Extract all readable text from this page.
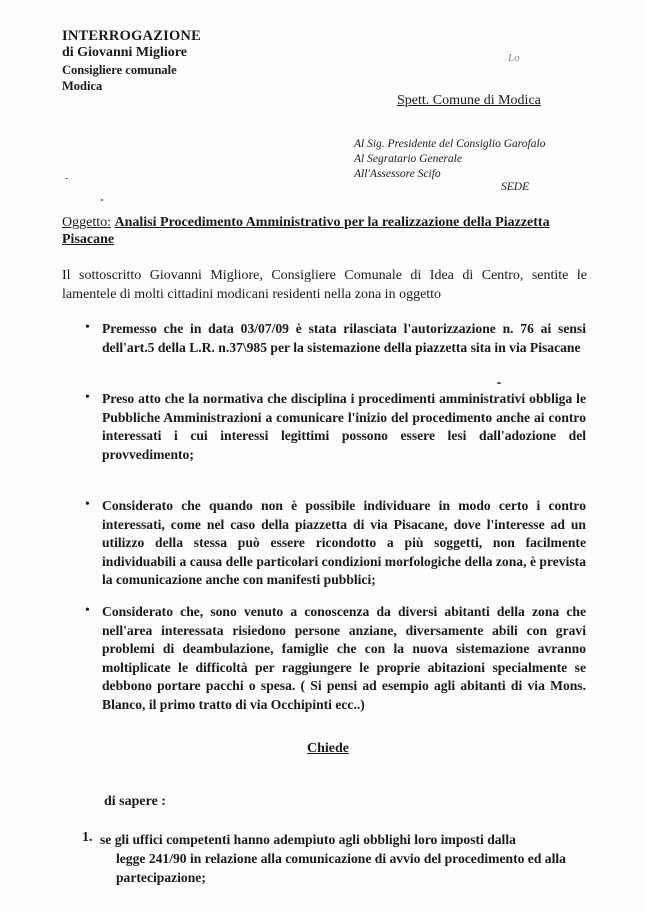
INTERROGAZIONE
di Giovanni Migliore
Consigliere comunale
Modica
Lo
Spett. Comune di Modica
Al Sig. Presidente del Consiglio Garofalo
Al Segratario Generale
All'Assessore Scifo
SEDE
Oggetto: Analisi Procedimento Amministrativo per la realizzazione della Piazzetta Pisacane
Il sottoscritto Giovanni Migliore, Consigliere Comunale di Idea di Centro, sentite le lamentele di molti cittadini modicani residenti nella zona in oggetto
• Premesso che in data 03/07/09 è stata rilasciata l'autorizzazione n. 76 ai sensi dell'art.5 della L.R. n.37\985 per la sistemazione della piazzetta sita in via Pisacane
• Preso atto che la normativa che disciplina i procedimenti amministrativi obbliga le Pubbliche Amministrazioni a comunicare l'inizio del procedimento anche ai contro interessati i cui interessi legittimi possono essere lesi dall'adozione del provvedimento;
• Considerato che quando non è possibile individuare in modo certo i contro interessati, come nel caso della piazzetta di via Pisacane, dove l'interesse ad un utilizzo della stessa può essere ricondotto a più soggetti, non facilmente individuabili a causa delle particolari condizioni morfologiche della zona, è prevista la comunicazione anche con manifesti pubblici;
• Considerato che, sono venuto a conoscenza da diversi abitanti della zona che nell'area interessata risiedono persone anziane, diversamente abili con gravi problemi di deambulazione, famiglie che con la nuova sistemazione avranno moltiplicate le difficoltà per raggiungere le proprie abitazioni specialmente se debbono portare pacchi o spesa. ( Si pensi ad esempio agli abitanti di via Mons. Blanco, il primo tratto di via Occhipinti ecc..)
Chiede
di sapere :
1. se gli uffici competenti hanno adempiuto agli obblighi loro imposti dalla
legge 241/90 in relazione alla comunicazione di avvio del procedimento ed alla partecipazione;
